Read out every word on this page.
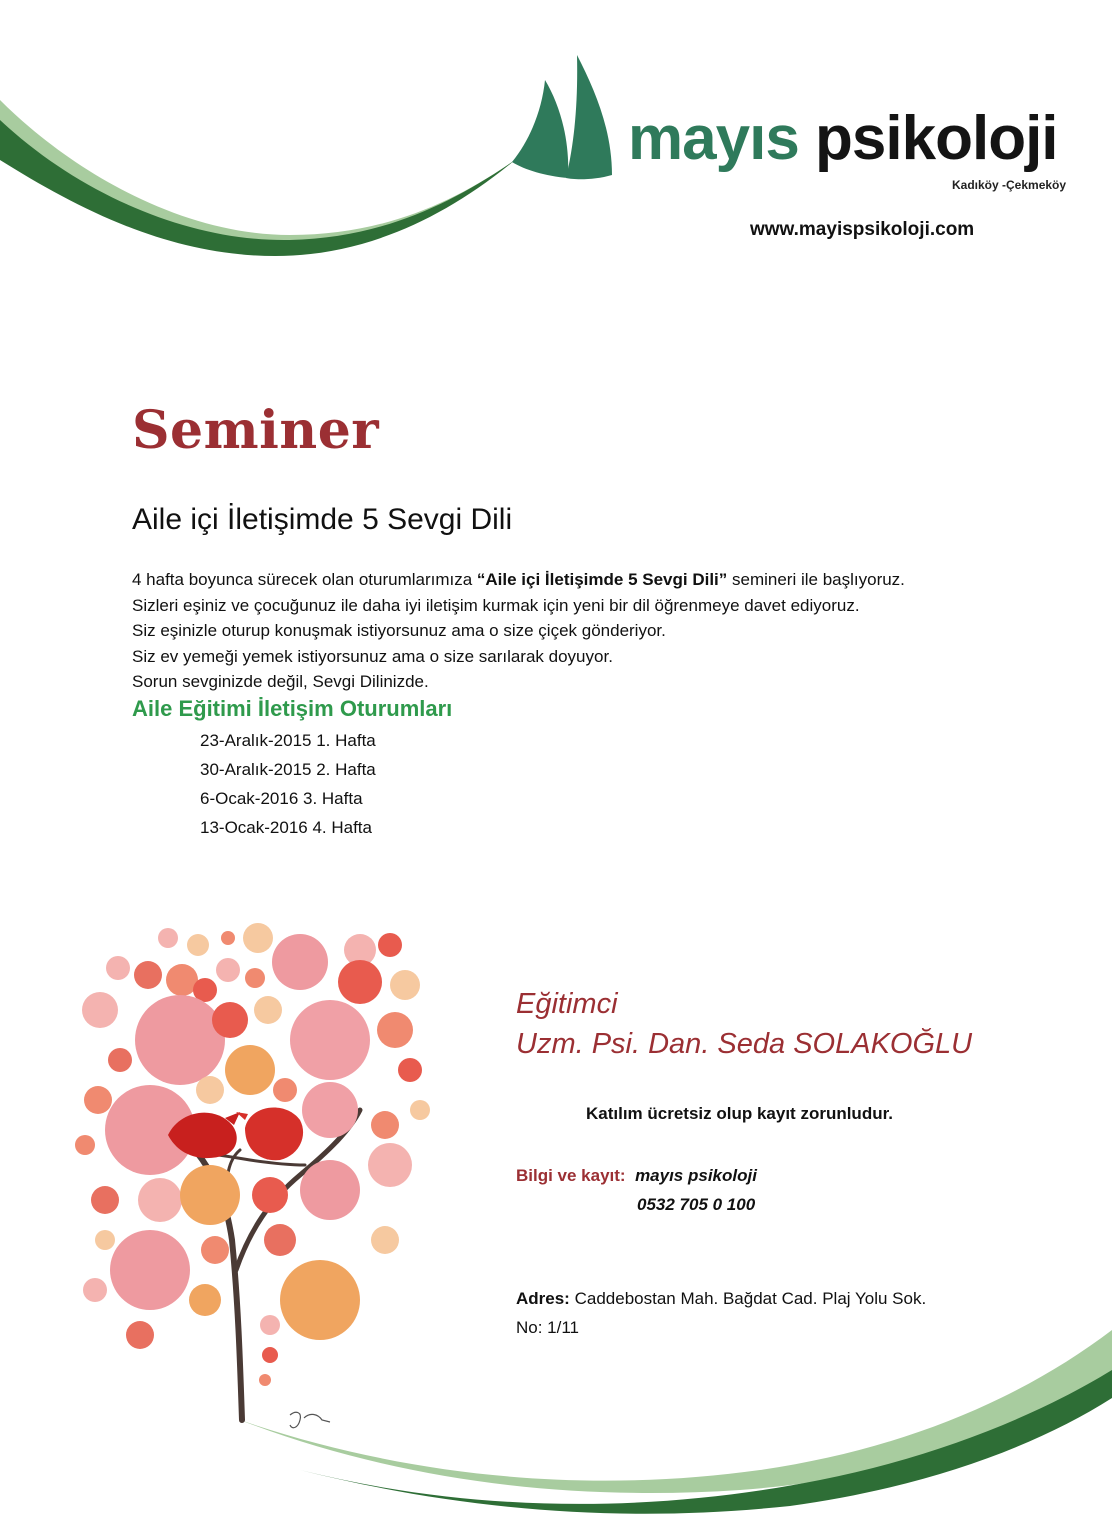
mayıs psikoloji
Kadıköy -Çekmeköy
www.mayispsikoloji.com
Seminer
Aile içi İletişimde 5 Sevgi Dili
4 hafta boyunca sürecek olan oturumlarımıza “Aile içi İletişimde 5 Sevgi Dili” semineri ile başlıyoruz.
Sizleri eşiniz ve çocuğunuz ile daha iyi iletişim kurmak için yeni bir dil öğrenmeye davet ediyoruz.
Siz eşinizle oturup konuşmak istiyorsunuz ama o size çiçek gönderiyor.
Siz ev yemeği yemek istiyorsunuz ama o size sarılarak doyuyor.
Sorun sevginizde değil, Sevgi Dilinizde.
Aile Eğitimi İletişim Oturumları
23-Aralık-2015 1. Hafta
30-Aralık-2015 2. Hafta
6-Ocak-2016 3. Hafta
13-Ocak-2016 4. Hafta
Eğitimci
Uzm. Psi. Dan. Seda SOLAKOĞLU
Katılım ücretsiz olup kayıt zorunludur.
Bilgi ve kayıt: mayıs psikoloji
0532 705 0 100
Adres: Caddebostan Mah. Bağdat Cad. Plaj Yolu Sok.
No: 1/11
